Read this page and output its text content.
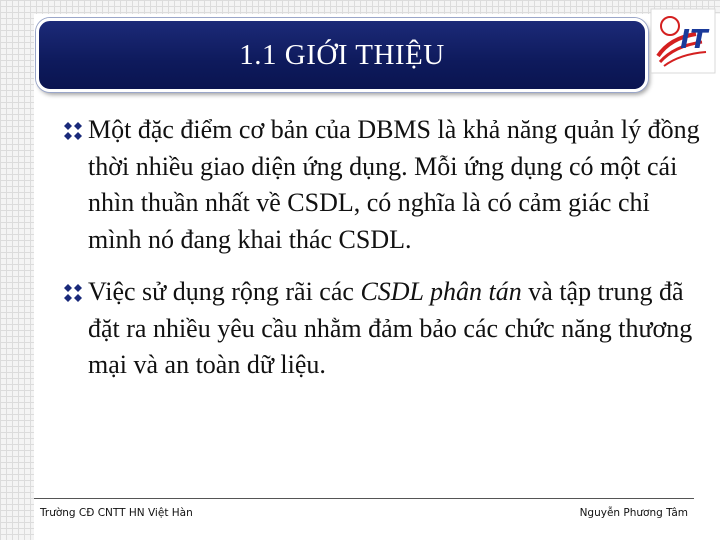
1.1 GIỚI THIỆU	IT
Một đặc điểm cơ bản của DBMS là khả năng quản lý đồng thời nhiều giao diện ứng dụng. Mỗi ứng dụng có một cái nhìn thuần nhất về CSDL, có nghĩa là có cảm giác chỉ mình nó đang khai thác CSDL.
Việc sử dụng rộng rãi các CSDL phân tán và tập trung đã đặt ra nhiều yêu cầu nhằm đảm bảo các chức năng thương mại và an toàn dữ liệu.
Trường CĐ CNTT HN Việt Hàn	Nguyễn Phương Tâm
